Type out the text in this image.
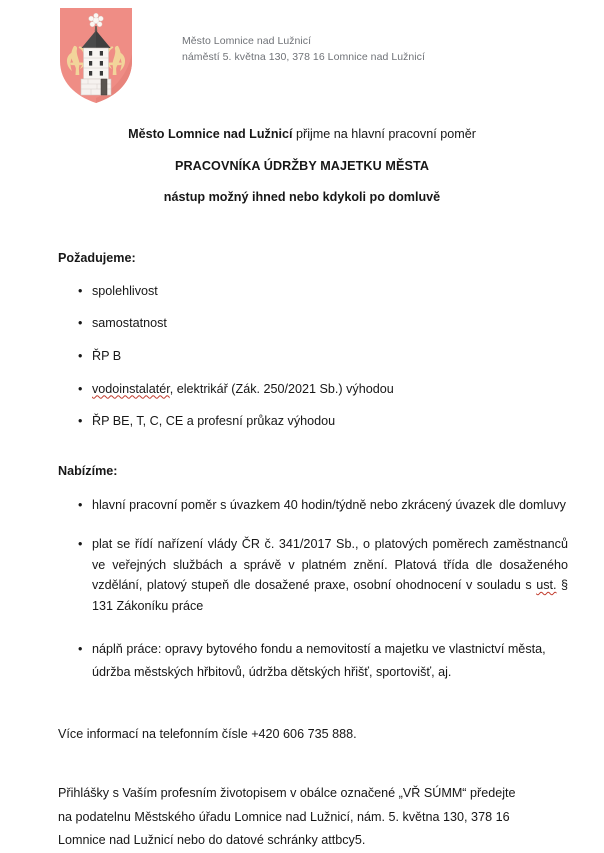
Město Lomnice nad Lužnicí
náměstí 5. května 130, 378 16 Lomnice nad Lužnicí

Město Lomnice nad Lužnicí přijme na hlavní pracovní poměr

PRACOVNÍKA ÚDRŽBY MAJETKU MĚSTA

nástup možný ihned nebo kdykoli po domluvě

Požadujeme:

• spolehlivost
• samostatnost
• ŘP B
• vodoinstalatér, elektrikář (Zák. 250/2021 Sb.) výhodou
• ŘP BE, T, C, CE a profesní průkaz výhodou

Nabízíme:

• hlavní pracovní poměr s úvazkem 40 hodin/týdně nebo zkrácený úvazek dle domluvy
• plat se řídí nařízení vlády ČR č. 341/2017 Sb., o platových poměrech zaměstnanců ve veřejných službách a správě v platném znění. Platová třída dle dosaženého vzdělání, platový stupeň dle dosažené praxe, osobní ohodnocení v souladu s ust. § 131 Zákoníku práce
• náplň práce: opravy bytového fondu a nemovitostí a majetku ve vlastnictví města, údržba městských hřbitovů, údržba dětských hřišť, sportovišť, aj.

Více informací na telefonním čísle +420 606 735 888.

Přihlášky s Vaším profesním životopisem v obálce označené „VŘ SÚMM“ předejte
na podatelnu Městského úřadu Lomnice nad Lužnicí, nám. 5. května 130, 378 16
Lomnice nad Lužnicí nebo do datové schránky attbcy5.
